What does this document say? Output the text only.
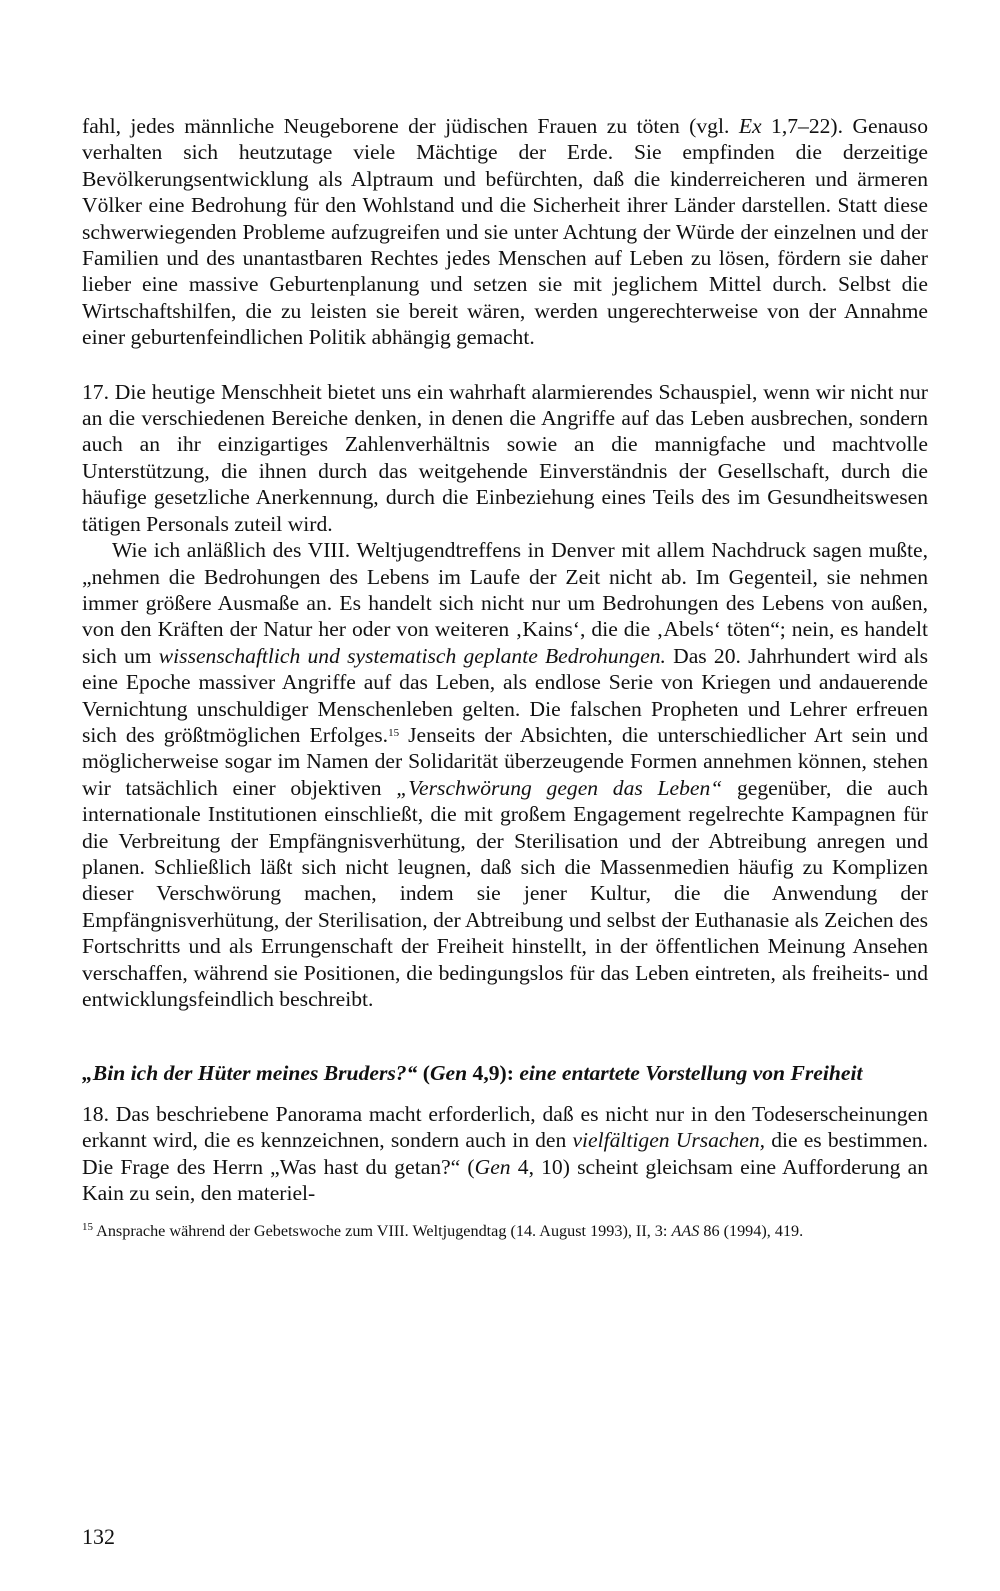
fahl, jedes männliche Neugeborene der jüdischen Frauen zu töten (vgl. Ex 1,7–22). Genauso verhalten sich heutzutage viele Mächtige der Erde. Sie empfinden die derzeitige Bevölkerungsentwicklung als Alptraum und befürchten, daß die kinderreicheren und ärmeren Völker eine Bedrohung für den Wohlstand und die Sicherheit ihrer Länder darstellen. Statt diese schwerwiegenden Probleme aufzugreifen und sie unter Achtung der Würde der einzelnen und der Familien und des unantastbaren Rechtes jedes Menschen auf Leben zu lösen, fördern sie daher lieber eine massive Geburtenplanung und setzen sie mit jeglichem Mittel durch. Selbst die Wirtschaftshilfen, die zu leisten sie bereit wären, werden ungerechterweise von der Annahme einer geburtenfeindlichen Politik abhängig gemacht.

17. Die heutige Menschheit bietet uns ein wahrhaft alarmierendes Schauspiel, wenn wir nicht nur an die verschiedenen Bereiche denken, in denen die Angriffe auf das Leben ausbrechen, sondern auch an ihr einzigartiges Zahlenverhältnis sowie an die mannigfache und machtvolle Unterstützung, die ihnen durch das weitgehende Einverständnis der Gesellschaft, durch die häufige gesetzliche Anerkennung, durch die Einbeziehung eines Teils des im Gesundheitswesen tätigen Personals zuteil wird.

Wie ich anläßlich des VIII. Weltjugendtreffens in Denver mit allem Nachdruck sagen mußte, „nehmen die Bedrohungen des Lebens im Laufe der Zeit nicht ab. Im Gegenteil, sie nehmen immer größere Ausmaße an. Es handelt sich nicht nur um Bedrohungen des Lebens von außen, von den Kräften der Natur her oder von weiteren ‚Kains‘, die die ‚Abels‘ töten“; nein, es handelt sich um wissenschaftlich und systematisch geplante Bedrohungen. Das 20. Jahrhundert wird als eine Epoche massiver Angriffe auf das Leben, als endlose Serie von Kriegen und andauerende Vernichtung unschuldiger Menschenleben gelten. Die falschen Propheten und Lehrer erfreuen sich des größtmöglichen Erfolges.$^{15}$ Jenseits der Absichten, die unterschiedlicher Art sein und möglicherweise sogar im Namen der Solidarität überzeugende Formen annehmen können, stehen wir tatsächlich einer objektiven „Verschwörung gegen das Leben“ gegenüber, die auch internationale Institutionen einschließt, die mit großem Engagement regelrechte Kampagnen für die Verbreitung der Empfängnisverhütung, der Sterilisation und der Abtreibung anregen und planen. Schließlich läßt sich nicht leugnen, daß sich die Massenmedien häufig zu Komplizen dieser Verschwörung machen, indem sie jener Kultur, die die Anwendung der Empfängnisverhütung, der Sterilisation, der Abtreibung und selbst der Euthanasie als Zeichen des Fortschritts und als Errungenschaft der Freiheit hinstellt, in der öffentlichen Meinung Ansehen verschaffen, während sie Positionen, die bedingungslos für das Leben eintreten, als freiheits- und entwicklungsfeindlich beschreibt.

„Bin ich der Hüter meines Bruders?“ (Gen 4,9): eine entartete Vorstellung von Freiheit

18. Das beschriebene Panorama macht erforderlich, daß es nicht nur in den Todeserscheinungen erkannt wird, die es kennzeichnen, sondern auch in den vielfältigen Ursachen, die es bestimmen. Die Frage des Herrn „Was hast du getan?“ (Gen 4, 10) scheint gleichsam eine Aufforderung an Kain zu sein, den materiel-

$^{15}$ Ansprache während der Gebetswoche zum VIII. Weltjugendtag (14. August 1993), II, 3: AAS 86 (1994), 419.

132
